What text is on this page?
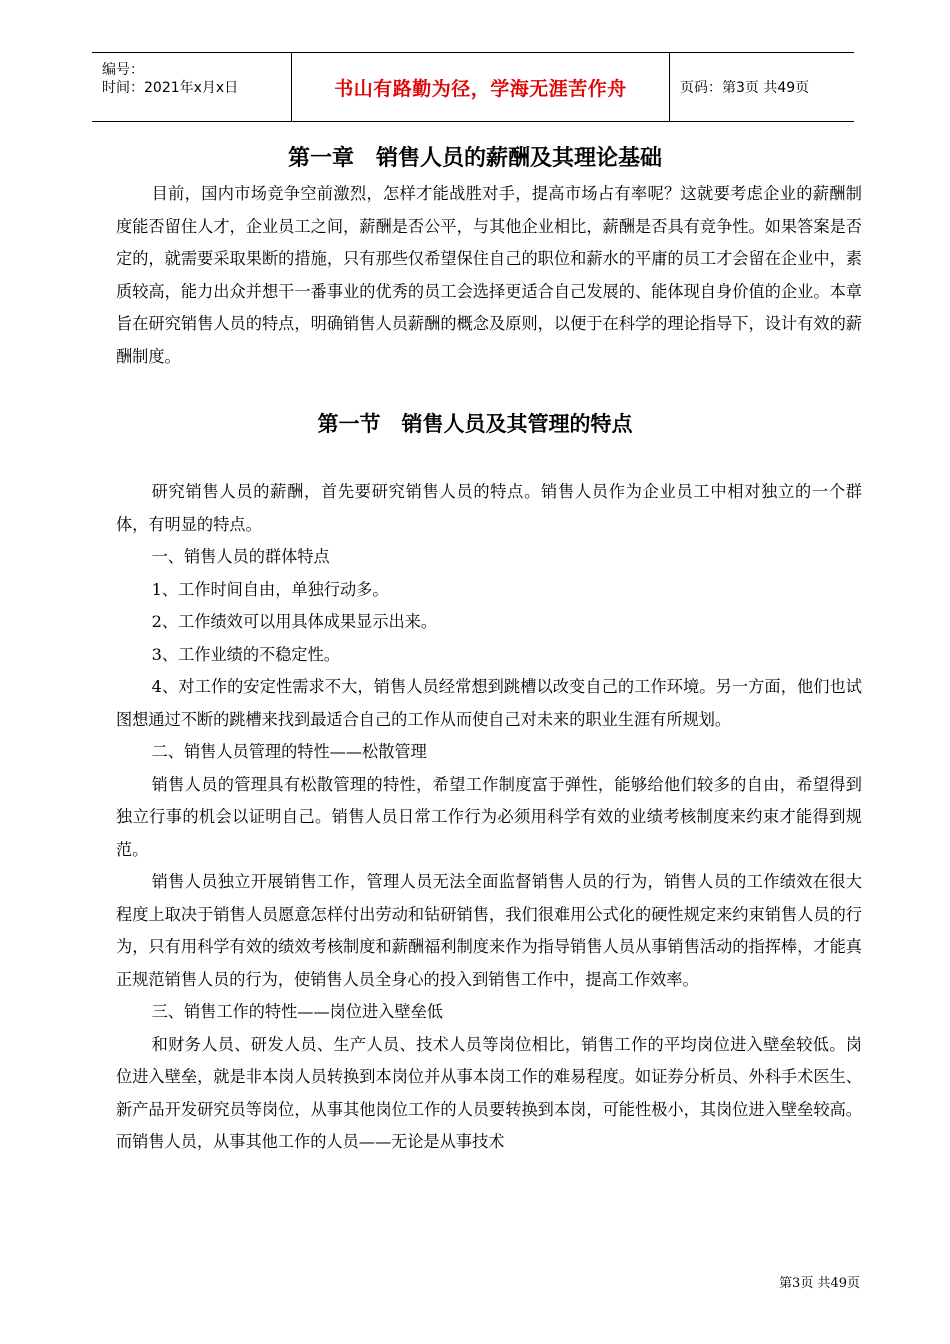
编号：
时间：2021年x月x日	书山有路勤为径，学海无涯苦作舟	页码：第3页 共49页
第一章　销售人员的薪酬及其理论基础

目前，国内市场竞争空前激烈，怎样才能战胜对手，提高市场占有率呢？这就要考虑企业的薪酬制度能否留住人才，企业员工之间，薪酬是否公平，与其他企业相比，薪酬是否具有竞争性。如果答案是否定的，就需要采取果断的措施，只有那些仅希望保住自己的职位和薪水的平庸的员工才会留在企业中，素质较高，能力出众并想干一番事业的优秀的员工会选择更适合自己发展的、能体现自身价值的企业。本章旨在研究销售人员的特点，明确销售人员薪酬的概念及原则，以便于在科学的理论指导下，设计有效的薪酬制度。

第一节　销售人员及其管理的特点

研究销售人员的薪酬，首先要研究销售人员的特点。销售人员作为企业员工中相对独立的一个群体，有明显的特点。

一、销售人员的群体特点

1、工作时间自由，单独行动多。

2、工作绩效可以用具体成果显示出来。

3、工作业绩的不稳定性。

4、对工作的安定性需求不大，销售人员经常想到跳槽以改变自己的工作环境。另一方面，他们也试图想通过不断的跳槽来找到最适合自己的工作从而使自己对未来的职业生涯有所规划。

二、销售人员管理的特性——松散管理

销售人员的管理具有松散管理的特性，希望工作制度富于弹性，能够给他们较多的自由，希望得到独立行事的机会以证明自己。销售人员日常工作行为必须用科学有效的业绩考核制度来约束才能得到规范。

销售人员独立开展销售工作，管理人员无法全面监督销售人员的行为，销售人员的工作绩效在很大程度上取决于销售人员愿意怎样付出劳动和钻研销售，我们很难用公式化的硬性规定来约束销售人员的行为，只有用科学有效的绩效考核制度和薪酬福利制度来作为指导销售人员从事销售活动的指挥棒，才能真正规范销售人员的行为，使销售人员全身心的投入到销售工作中，提高工作效率。

三、销售工作的特性——岗位进入壁垒低

和财务人员、研发人员、生产人员、技术人员等岗位相比，销售工作的平均岗位进入壁垒较低。岗位进入壁垒，就是非本岗人员转换到本岗位并从事本岗工作的难易程度。如证券分析员、外科手术医生、新产品开发研究员等岗位，从事其他岗位工作的人员要转换到本岗，可能性极小，其岗位进入壁垒较高。而销售人员，从事其他工作的人员——无论是从事技术

第3页 共49页
